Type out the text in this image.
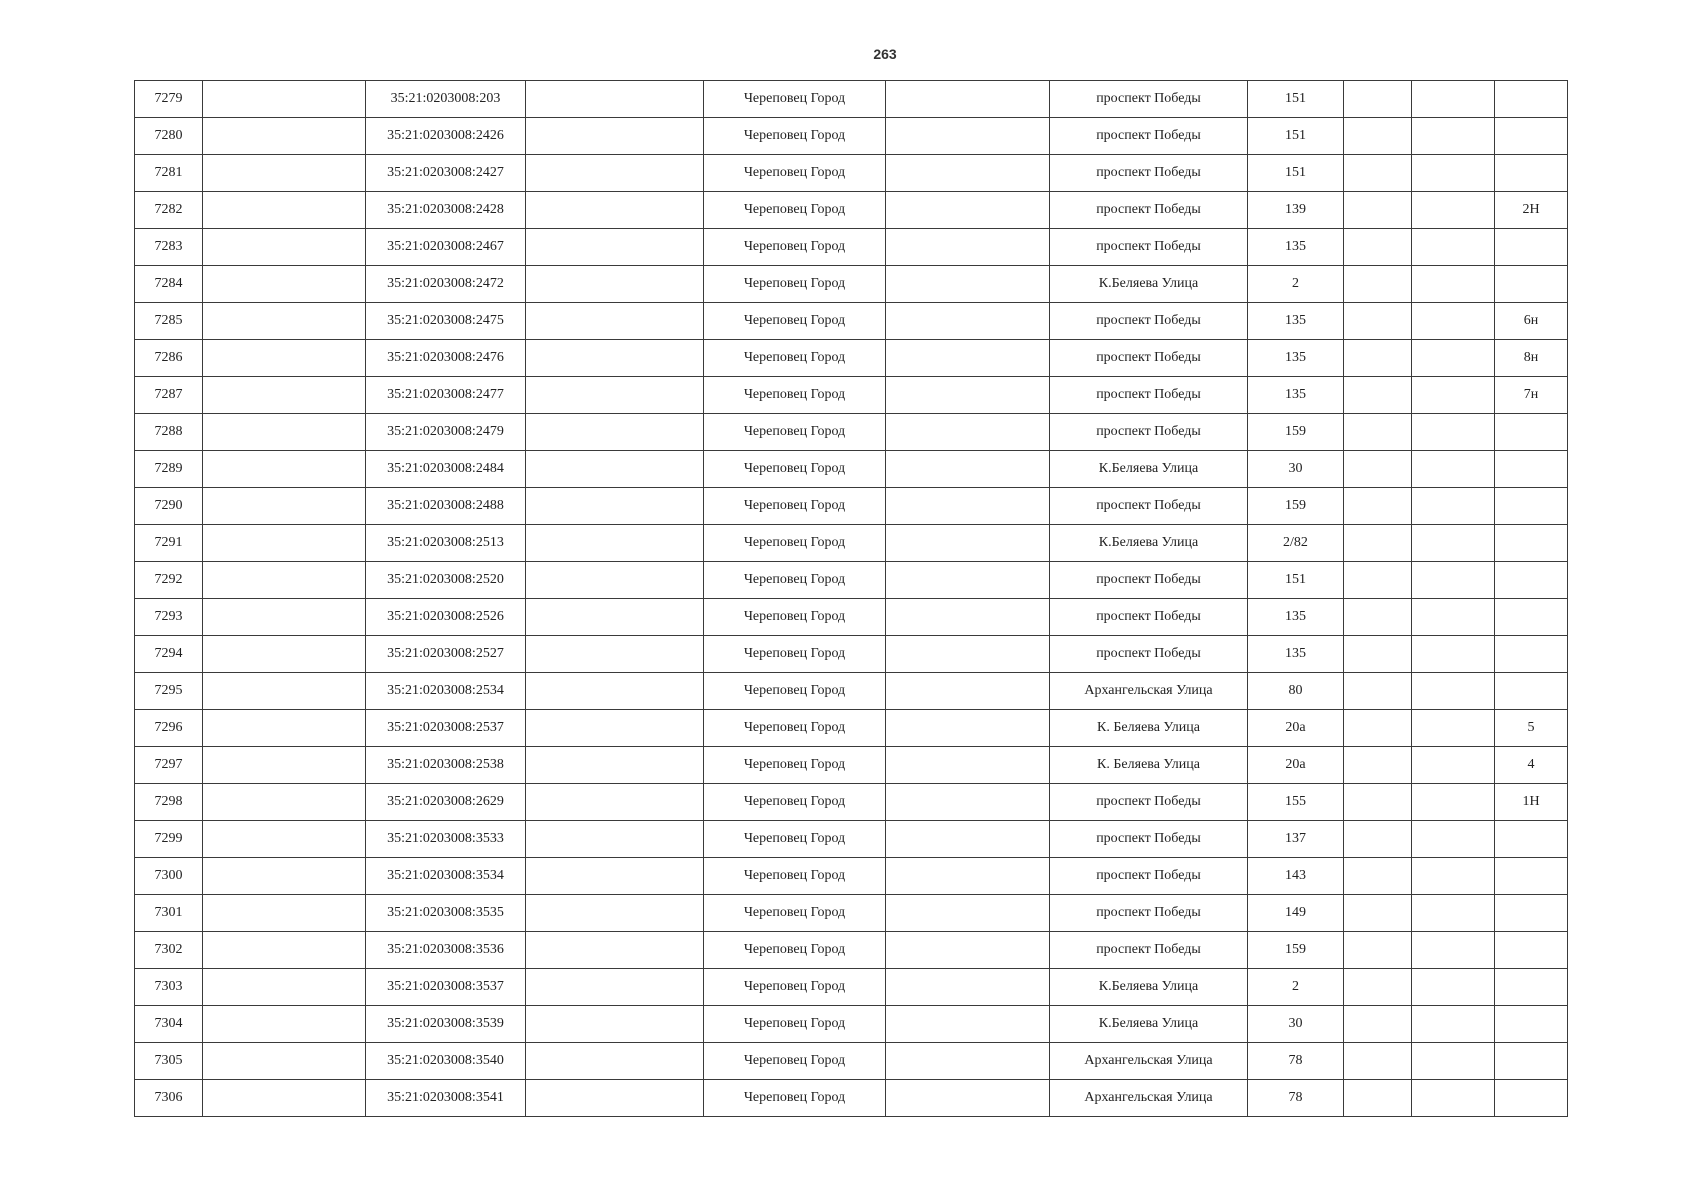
263
7279		35:21:0203008:203		Череповец Город		проспект Победы	151			
7280		35:21:0203008:2426		Череповец Город		проспект Победы	151			
7281		35:21:0203008:2427		Череповец Город		проспект Победы	151			
7282		35:21:0203008:2428		Череповец Город		проспект Победы	139			2Н
7283		35:21:0203008:2467		Череповец Город		проспект Победы	135			
7284		35:21:0203008:2472		Череповец Город		К.Беляева Улица	2			
7285		35:21:0203008:2475		Череповец Город		проспект Победы	135			6н
7286		35:21:0203008:2476		Череповец Город		проспект Победы	135			8н
7287		35:21:0203008:2477		Череповец Город		проспект Победы	135			7н
7288		35:21:0203008:2479		Череповец Город		проспект Победы	159			
7289		35:21:0203008:2484		Череповец Город		К.Беляева Улица	30			
7290		35:21:0203008:2488		Череповец Город		проспект Победы	159			
7291		35:21:0203008:2513		Череповец Город		К.Беляева Улица	2/82			
7292		35:21:0203008:2520		Череповец Город		проспект Победы	151			
7293		35:21:0203008:2526		Череповец Город		проспект Победы	135			
7294		35:21:0203008:2527		Череповец Город		проспект Победы	135			
7295		35:21:0203008:2534		Череповец Город		Архангельская Улица	80			
7296		35:21:0203008:2537		Череповец Город		К. Беляева Улица	20а			5
7297		35:21:0203008:2538		Череповец Город		К. Беляева Улица	20а			4
7298		35:21:0203008:2629		Череповец Город		проспект Победы	155			1Н
7299		35:21:0203008:3533		Череповец Город		проспект Победы	137			
7300		35:21:0203008:3534		Череповец Город		проспект Победы	143			
7301		35:21:0203008:3535		Череповец Город		проспект Победы	149			
7302		35:21:0203008:3536		Череповец Город		проспект Победы	159			
7303		35:21:0203008:3537		Череповец Город		К.Беляева Улица	2			
7304		35:21:0203008:3539		Череповец Город		К.Беляева Улица	30			
7305		35:21:0203008:3540		Череповец Город		Архангельская Улица	78			
7306		35:21:0203008:3541		Череповец Город		Архангельская Улица	78			
